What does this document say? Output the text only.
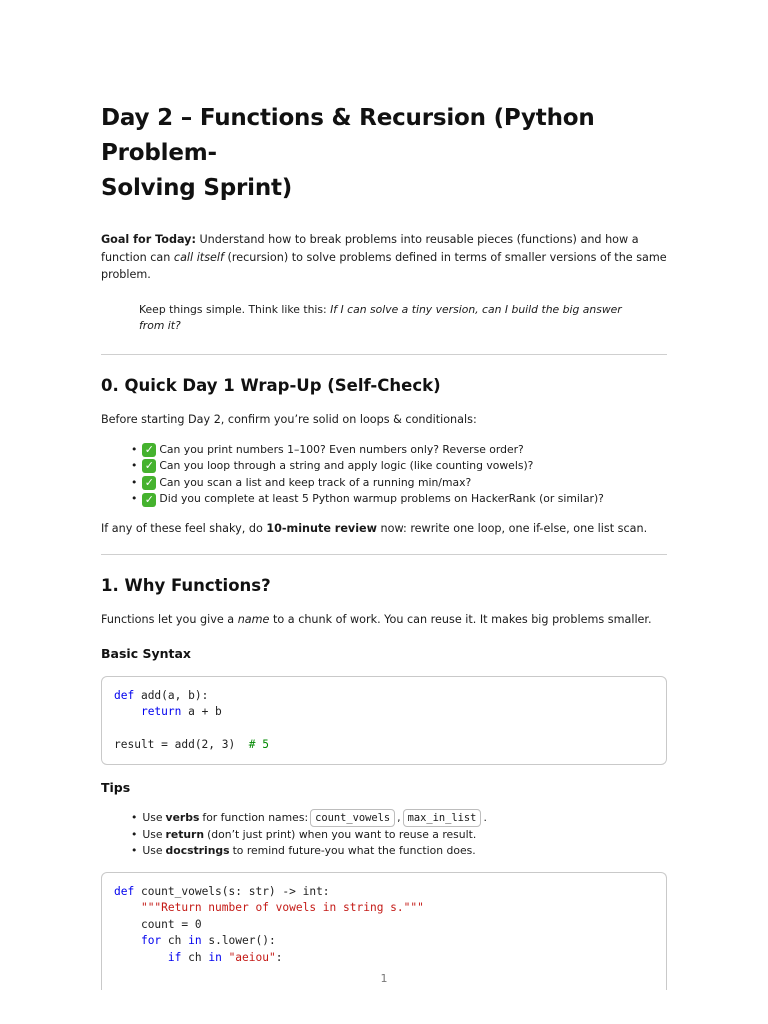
Day 2 – Functions & Recursion (Python Problem-
Solving Sprint)

Goal for Today: Understand how to break problems into reusable pieces (functions) and how a function can call itself (recursion) to solve problems defined in terms of smaller versions of the same problem.

Keep things simple. Think like this: If I can solve a tiny version, can I build the big answer from it?

0. Quick Day 1 Wrap-Up (Self-Check)

Before starting Day 2, confirm you’re solid on loops & conditionals:

• ✓ Can you print numbers 1–100? Even numbers only? Reverse order?
• ✓ Can you loop through a string and apply logic (like counting vowels)?
• ✓ Can you scan a list and keep track of a running min/max?
• ✓ Did you complete at least 5 Python warmup problems on HackerRank (or similar)?

If any of these feel shaky, do 10-minute review now: rewrite one loop, one if-else, one list scan.

1. Why Functions?

Functions let you give a name to a chunk of work. You can reuse it. It makes big problems smaller.

Basic Syntax
def add(a, b):
return a + b

result = add(2, 3) # 5
Tips
• Use verbs for function names: count_vowels , max_in_list .
• Use return (don’t just print) when you want to reuse a result.
• Use docstrings to remind future-you what the function does.
def count_vowels(s: str) -> int:
"""Return number of vowels in string s."""
count = 0
for ch in s.lower():
if ch in "aeiou":
1
